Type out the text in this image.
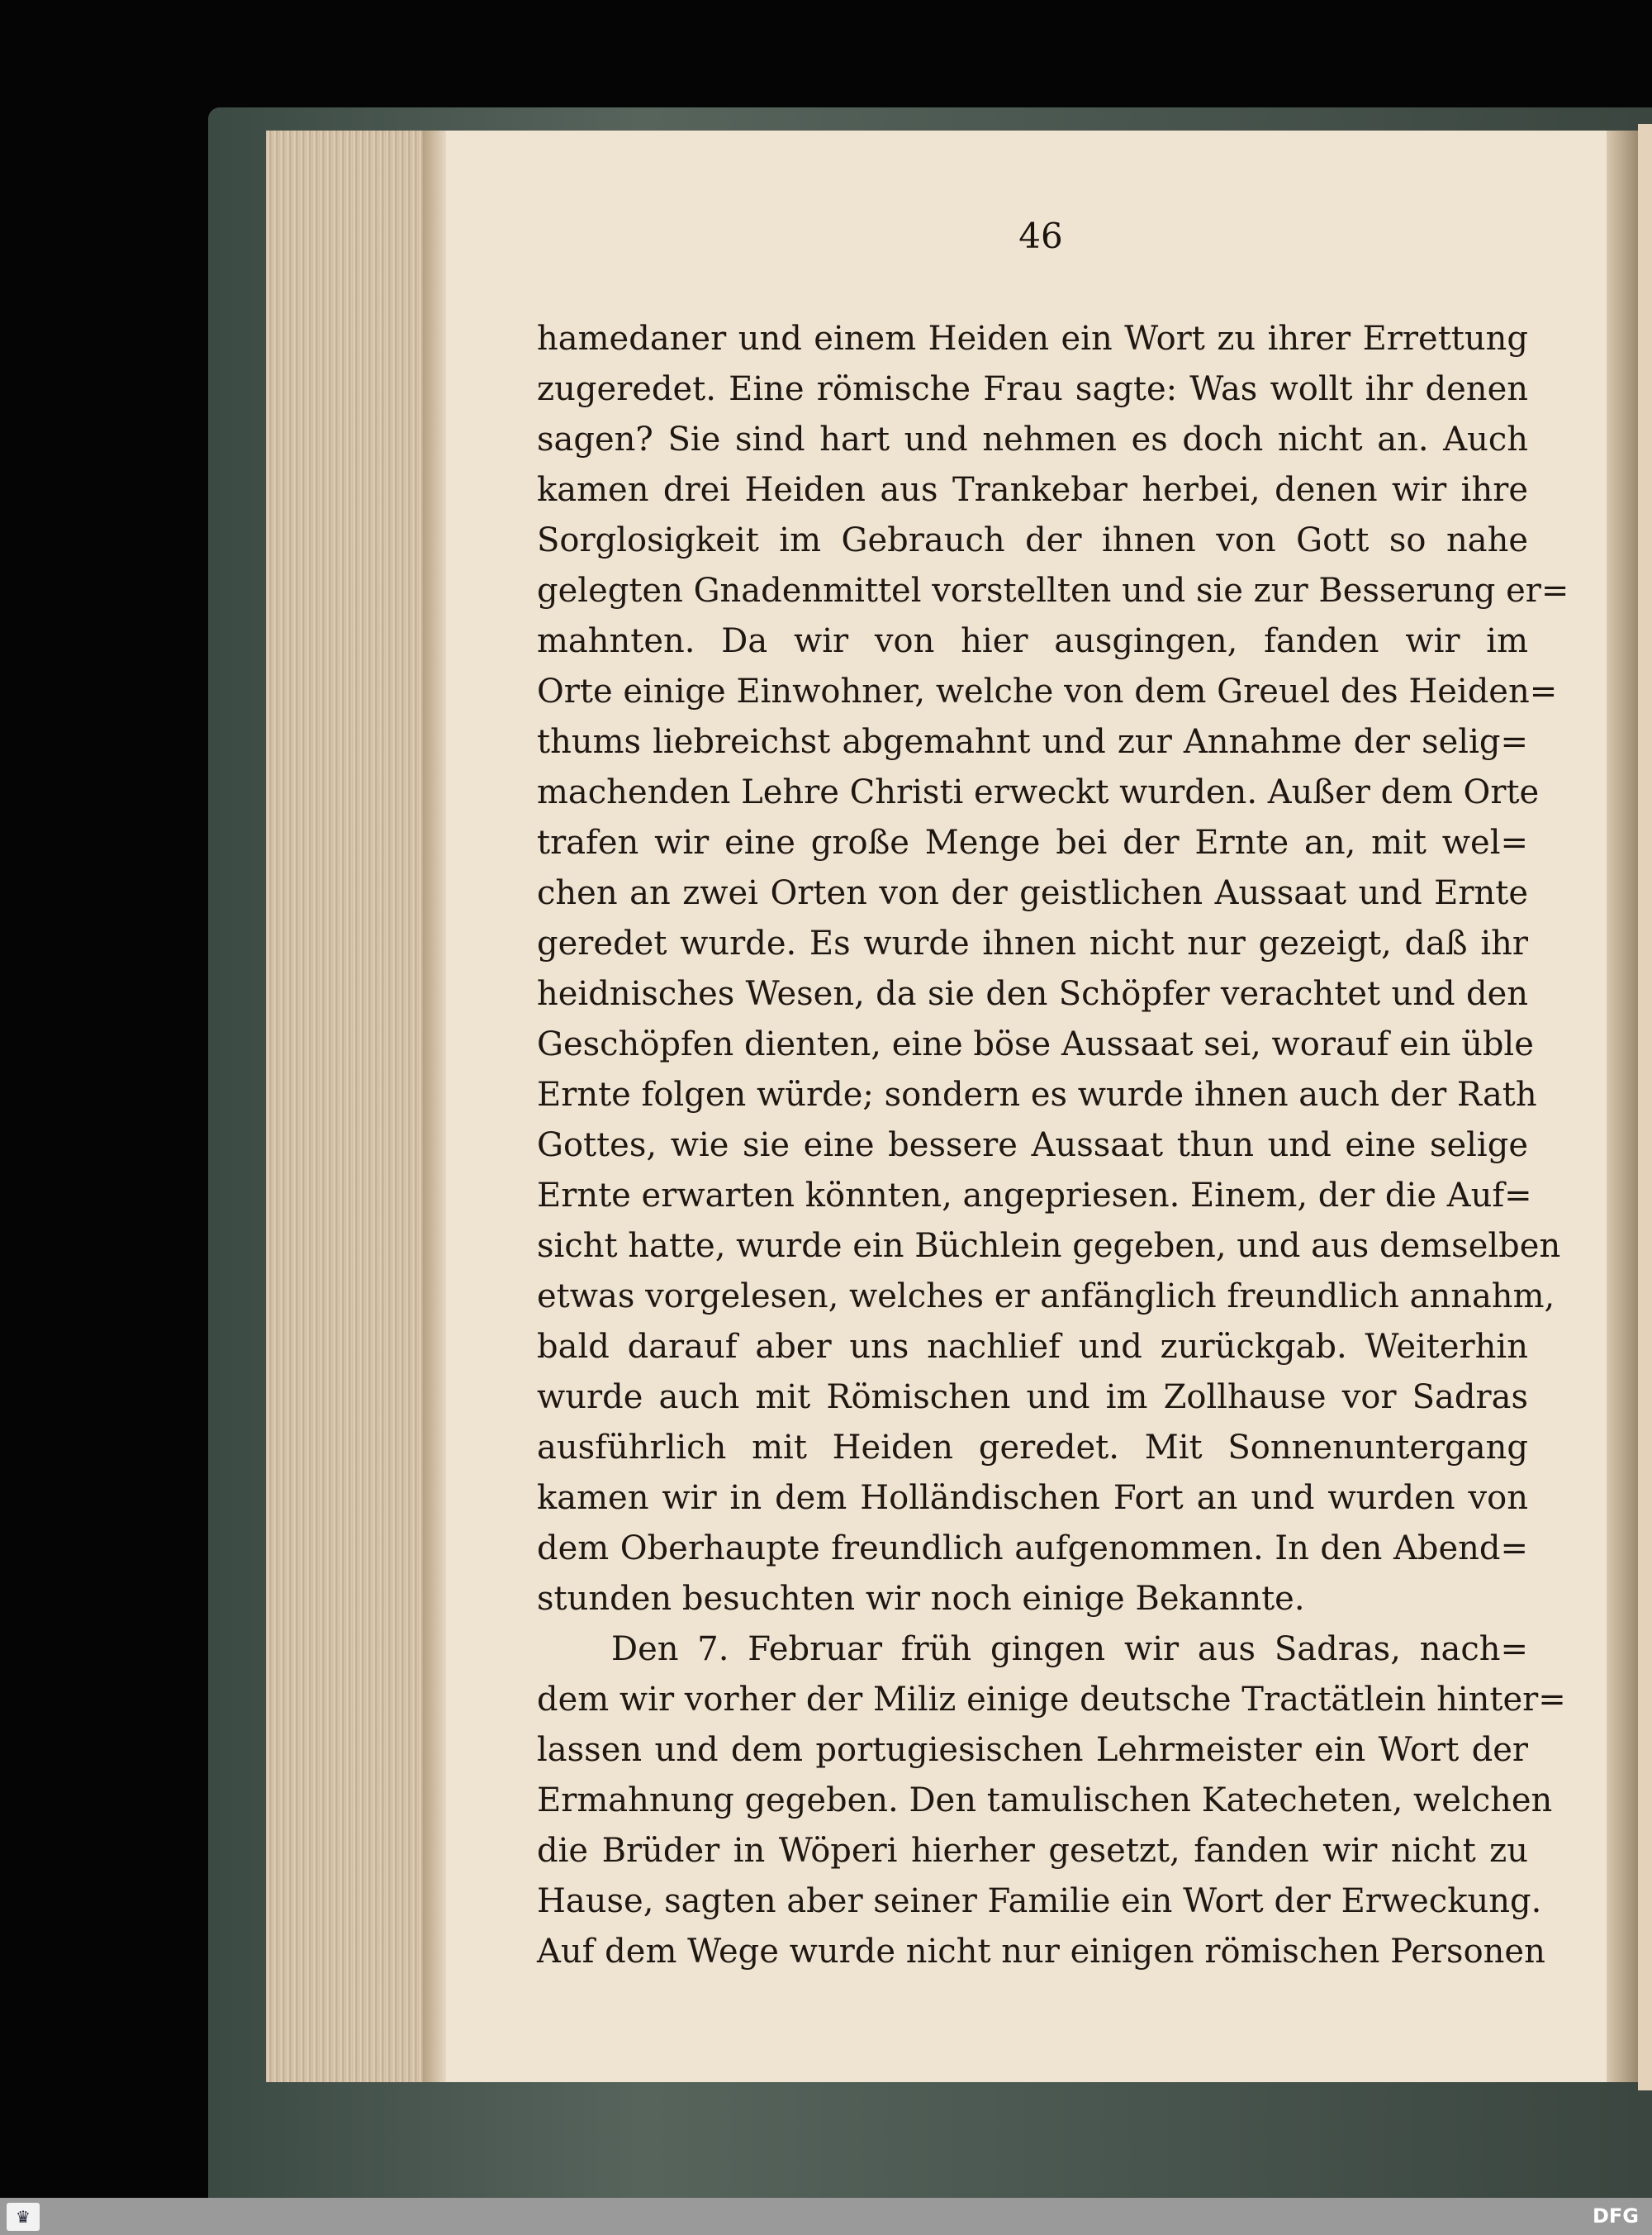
46
hamedaner und einem Heiden ein Wort zu ihrer Errettung
zugeredet. Eine römische Frau sagte: Was wollt ihr denen
sagen? Sie sind hart und nehmen es doch nicht an. Auch
kamen drei Heiden aus Trankebar herbei, denen wir ihre
Sorglosigkeit im Gebrauch der ihnen von Gott so nahe
gelegten Gnadenmittel vorstellten und sie zur Besserung er=
mahnten. Da wir von hier ausgingen, fanden wir im
Orte einige Einwohner, welche von dem Greuel des Heiden=
thums liebreichst abgemahnt und zur Annahme der selig=
machenden Lehre Christi erweckt wurden. Außer dem Orte
trafen wir eine große Menge bei der Ernte an, mit wel=
chen an zwei Orten von der geistlichen Aussaat und Ernte
geredet wurde. Es wurde ihnen nicht nur gezeigt, daß ihr
heidnisches Wesen, da sie den Schöpfer verachtet und den
Geschöpfen dienten, eine böse Aussaat sei, worauf ein üble
Ernte folgen würde; sondern es wurde ihnen auch der Rath
Gottes, wie sie eine bessere Aussaat thun und eine selige
Ernte erwarten könnten, angepriesen. Einem, der die Auf=
sicht hatte, wurde ein Büchlein gegeben, und aus demselben
etwas vorgelesen, welches er anfänglich freundlich annahm,
bald darauf aber uns nachlief und zurückgab. Weiterhin
wurde auch mit Römischen und im Zollhause vor Sadras
ausführlich mit Heiden geredet. Mit Sonnenuntergang
kamen wir in dem Holländischen Fort an und wurden von
dem Oberhaupte freundlich aufgenommen. In den Abend=
stunden besuchten wir noch einige Bekannte.
Den 7. Februar früh gingen wir aus Sadras, nach=
dem wir vorher der Miliz einige deutsche Tractätlein hinter=
lassen und dem portugiesischen Lehrmeister ein Wort der
Ermahnung gegeben. Den tamulischen Katecheten, welchen
die Brüder in Wöperi hierher gesetzt, fanden wir nicht zu
Hause, sagten aber seiner Familie ein Wort der Erweckung.
Auf dem Wege wurde nicht nur einigen römischen Personen
♛	DFG
